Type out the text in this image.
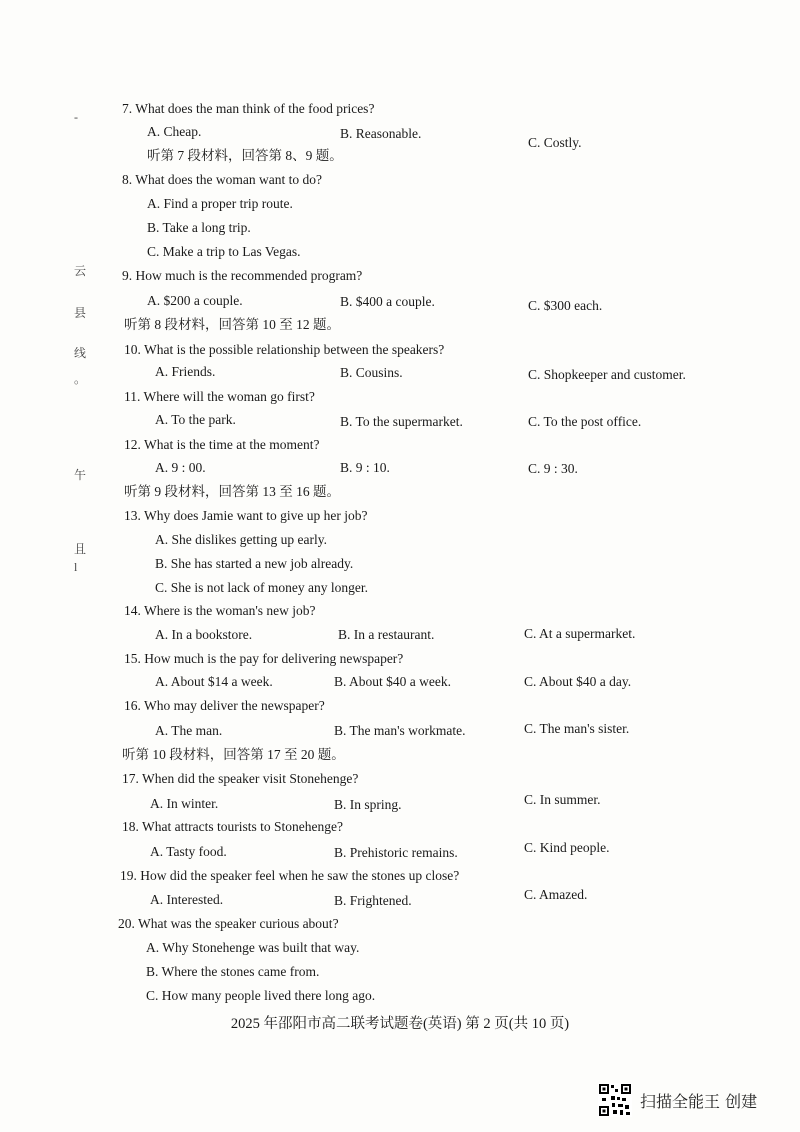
‐
云
县
线
。
午
且
l
7. What does the man think of the food prices?
A. Cheap.	B. Reasonable.
C. Costly.
听第 7 段材料，回答第 8、9 题。
8. What does the woman want to do?
A. Find a proper trip route.
B. Take a long trip.
C. Make a trip to Las Vegas.
9. How much is the recommended program?
A. $200 a couple.	B. $400 a couple.	C. $300 each.
听第 8 段材料，回答第 10 至 12 题。
10. What is the possible relationship between the speakers?
A. Friends.	B. Cousins.	C. Shopkeeper and customer.
11. Where will the woman go first?
A. To the park.	B. To the supermarket.	C. To the post office.
12. What is the time at the moment?
A. 9 : 00.	B. 9 : 10.	C. 9 : 30.
听第 9 段材料，回答第 13 至 16 题。
13. Why does Jamie want to give up her job?
A. She dislikes getting up early.
B. She has started a new job already.
C. She is not lack of money any longer.
14. Where is the woman's new job?
A. In a bookstore.	B. In a restaurant.	C. At a supermarket.
15. How much is the pay for delivering newspaper?
A. About $14 a week.	B. About $40 a week.	C. About $40 a day.
16. Who may deliver the newspaper?
A. The man.	B. The man's workmate.	C. The man's sister.
听第 10 段材料，回答第 17 至 20 题。
17. When did the speaker visit Stonehenge?
A. In winter.	B. In spring.	C. In summer.
18. What attracts tourists to Stonehenge?
A. Tasty food.	B. Prehistoric remains.	C. Kind people.
19. How did the speaker feel when he saw the stones up close?
A. Interested.	B. Frightened.	C. Amazed.
20. What was the speaker curious about?
A. Why Stonehenge was built that way.
B. Where the stones came from.
C. How many people lived there long ago.
2025 年邵阳市高二联考试题卷(英语) 第 2 页(共 10 页)
扫描全能王 创建
